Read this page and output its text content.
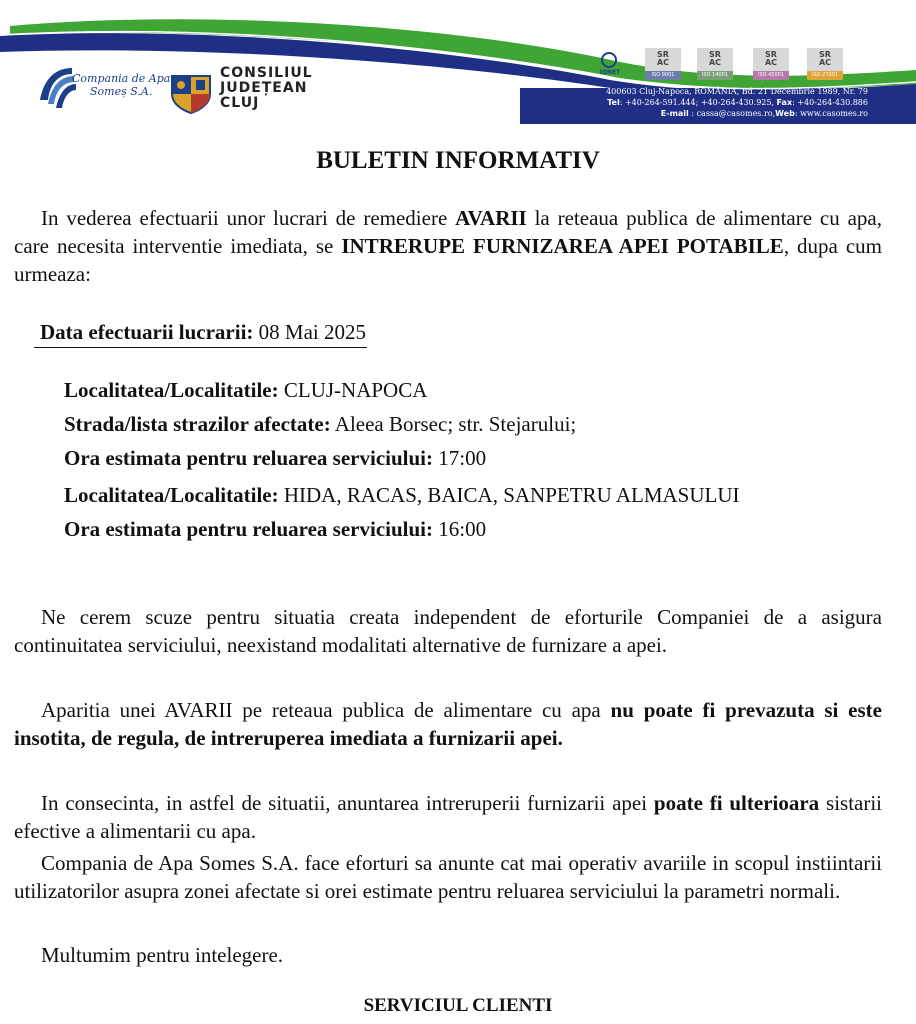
Compania de Apa
Someș S.A.
CONSILIUL
JUDEȚEAN
CLUJ
IQNET
SR
AC
ISO 9001
SR
AC
ISO 14001
SR
AC
ISO 45001
SR
AC
ISO 27001
400603 Cluj-Napoca, ROMÂNIA, Bd. 21 Decembrie 1989, Nr. 79
Tel: +40-264-591.444; +40-264-430.925, Fax: +40-264-430.886
E-mail : cassa@casomes.ro,Web: www.casomes.ro
BULETIN INFORMATIV

In vederea efectuarii unor lucrari de remediere AVARII la reteaua publica de alimentare cu apa, care necesita interventie imediata, se INTRERUPE FURNIZAREA APEI POTABILE, dupa cum urmeaza:

Data efectuarii lucrarii: 08 Mai 2025
Localitatea/Localitatile: CLUJ-NAPOCA
Strada/lista strazilor afectate: Aleea Borsec; str. Stejarului;
Ora estimata pentru reluarea serviciului: 17:00
Localitatea/Localitatile: HIDA, RACAS, BAICA, SANPETRU ALMASULUI
Ora estimata pentru reluarea serviciului: 16:00

Ne cerem scuze pentru situatia creata independent de eforturile Companiei de a asigura continuitatea serviciului, neexistand modalitati alternative de furnizare a apei.

Aparitia unei AVARII pe reteaua publica de alimentare cu apa nu poate fi prevazuta si este insotita, de regula, de intreruperea imediata a furnizarii apei.

In consecinta, in astfel de situatii, anuntarea intreruperii furnizarii apei poate fi ulterioara sistarii efective a alimentarii cu apa.

Compania de Apa Somes S.A. face eforturi sa anunte cat mai operativ avariile in scopul instiintarii utilizatorilor asupra zonei afectate si orei estimate pentru reluarea serviciului la parametri normali.

Multumim pentru intelegere.

SERVICIUL CLIENTI
